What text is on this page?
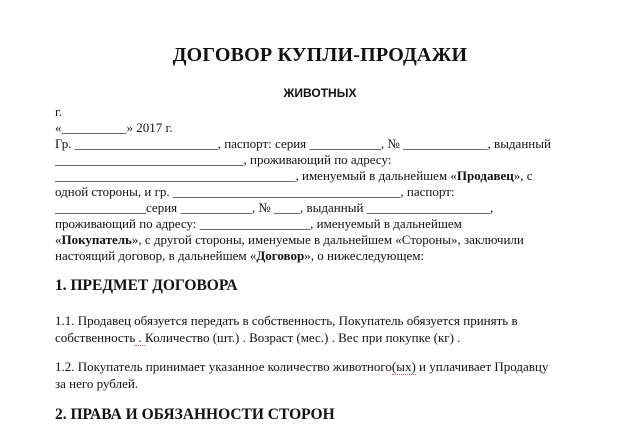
ДОГОВОР КУПЛИ-ПРОДАЖИ
ЖИВОТНЫХ
г.
«__________» 2017 г.
Гр. ______________________, паспорт: серия ___________, № _____________, выданный
_____________________________, проживающий по адресу:
_____________________________________, именуемый в дальнейшем «Продавец», с
одной стороны, и гр. ___________________________________, паспорт:
______________серия ___________, № ____, выданный ___________________,
проживающий по адресу: _________________, именуемый в дальнейшем
«Покупатель», с другой стороны, именуемые в дальнейшем «Стороны», заключили
настоящий договор, в дальнейшем «Договор», о нижеследующем:
1. ПРЕДМЕТ ДОГОВОРА
1.1. Продавец обязуется передать в собственность, Покупатель обязуется принять в
собственность . Количество (шт.) . Возраст (мес.) . Вес при покупке (кг) .
1.2. Покупатель принимает указанное количество животного(ых) и уплачивает Продавцу
за него рублей.
2. ПРАВА И ОБЯЗАННОСТИ СТОРОН
